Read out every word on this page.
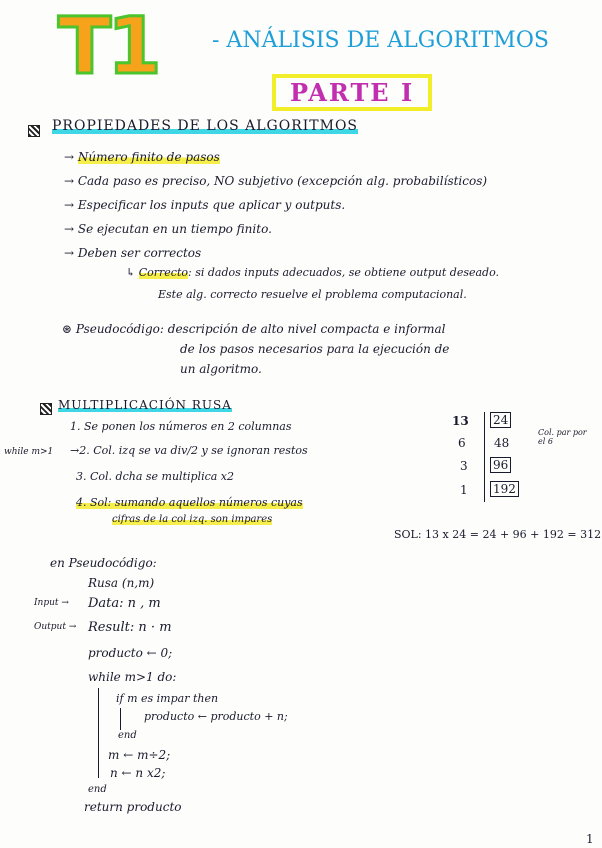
T1 - ANÁLISIS DE ALGORITMOS
PARTE I
PROPIEDADES DE LOS ALGORITMOS
→ Número finito de pasos
→ Cada paso es preciso, NO subjetivo (excepción alg. probabilísticos)
→ Especificar los inputs que aplicar y outputs.
→ Se ejecutan en un tiempo finito.
→ Deben ser correctos
↳ Correcto: si dados inputs adecuados, se obtiene output deseado.
Este alg. correcto resuelve el problema computacional.
⊛ Pseudocódigo: descripción de alto nivel compacta e informal
de los pasos necesarios para la ejecución de
un algoritmo.
MULTIPLICACIÓN RUSA
1. Se ponen los números en 2 columnas
while m>1 →2. Col. izq se va div/2 y se ignoran restos
3. Col. dcha se multiplica x2
4. Sol: sumando aquellos números cuyas
cifras de la col izq. son impares
13 24
6 48
3 96
1 192
Col. par por el 6
SOL: 13 x 24 = 24 + 96 + 192 = 312
en Pseudocódigo:
Rusa (n,m)
Input → Data: n , m
Output → Result: n · m
producto ← 0;
while m>1 do:
if m es impar then
producto ← producto + n;
end
m ← m÷2;
n ← n x2;
end
return producto
1
